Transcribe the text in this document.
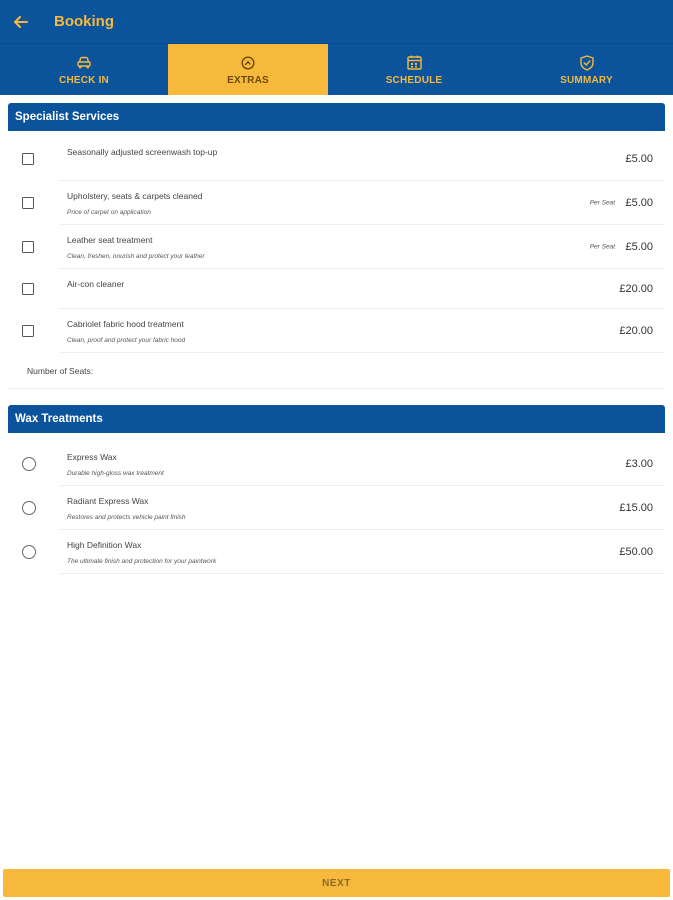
Booking
CHECK IN	EXTRAS	SCHEDULE	SUMMARY
Specialist Services
Seasonally adjusted screenwash top-up
£5.00
Upholstery, seats & carpets cleaned
Price of carpet on application
Per Seat £5.00
Leather seat treatment
Clean, freshen, nourish and protect your leather
Per Seat £5.00
Air-con cleaner	£20.00
Cabriolet fabric hood treatment
Clean, proof and protect your fabric hood
£20.00
Number of Seats:
Wax Treatments
Express Wax
Durable high-gloss wax treatment
£3.00
Radiant Express Wax
Restores and protects vehicle paint finish
£15.00
High Definition Wax
The ultimate finish and protection for your paintwork
£50.00
NEXT
